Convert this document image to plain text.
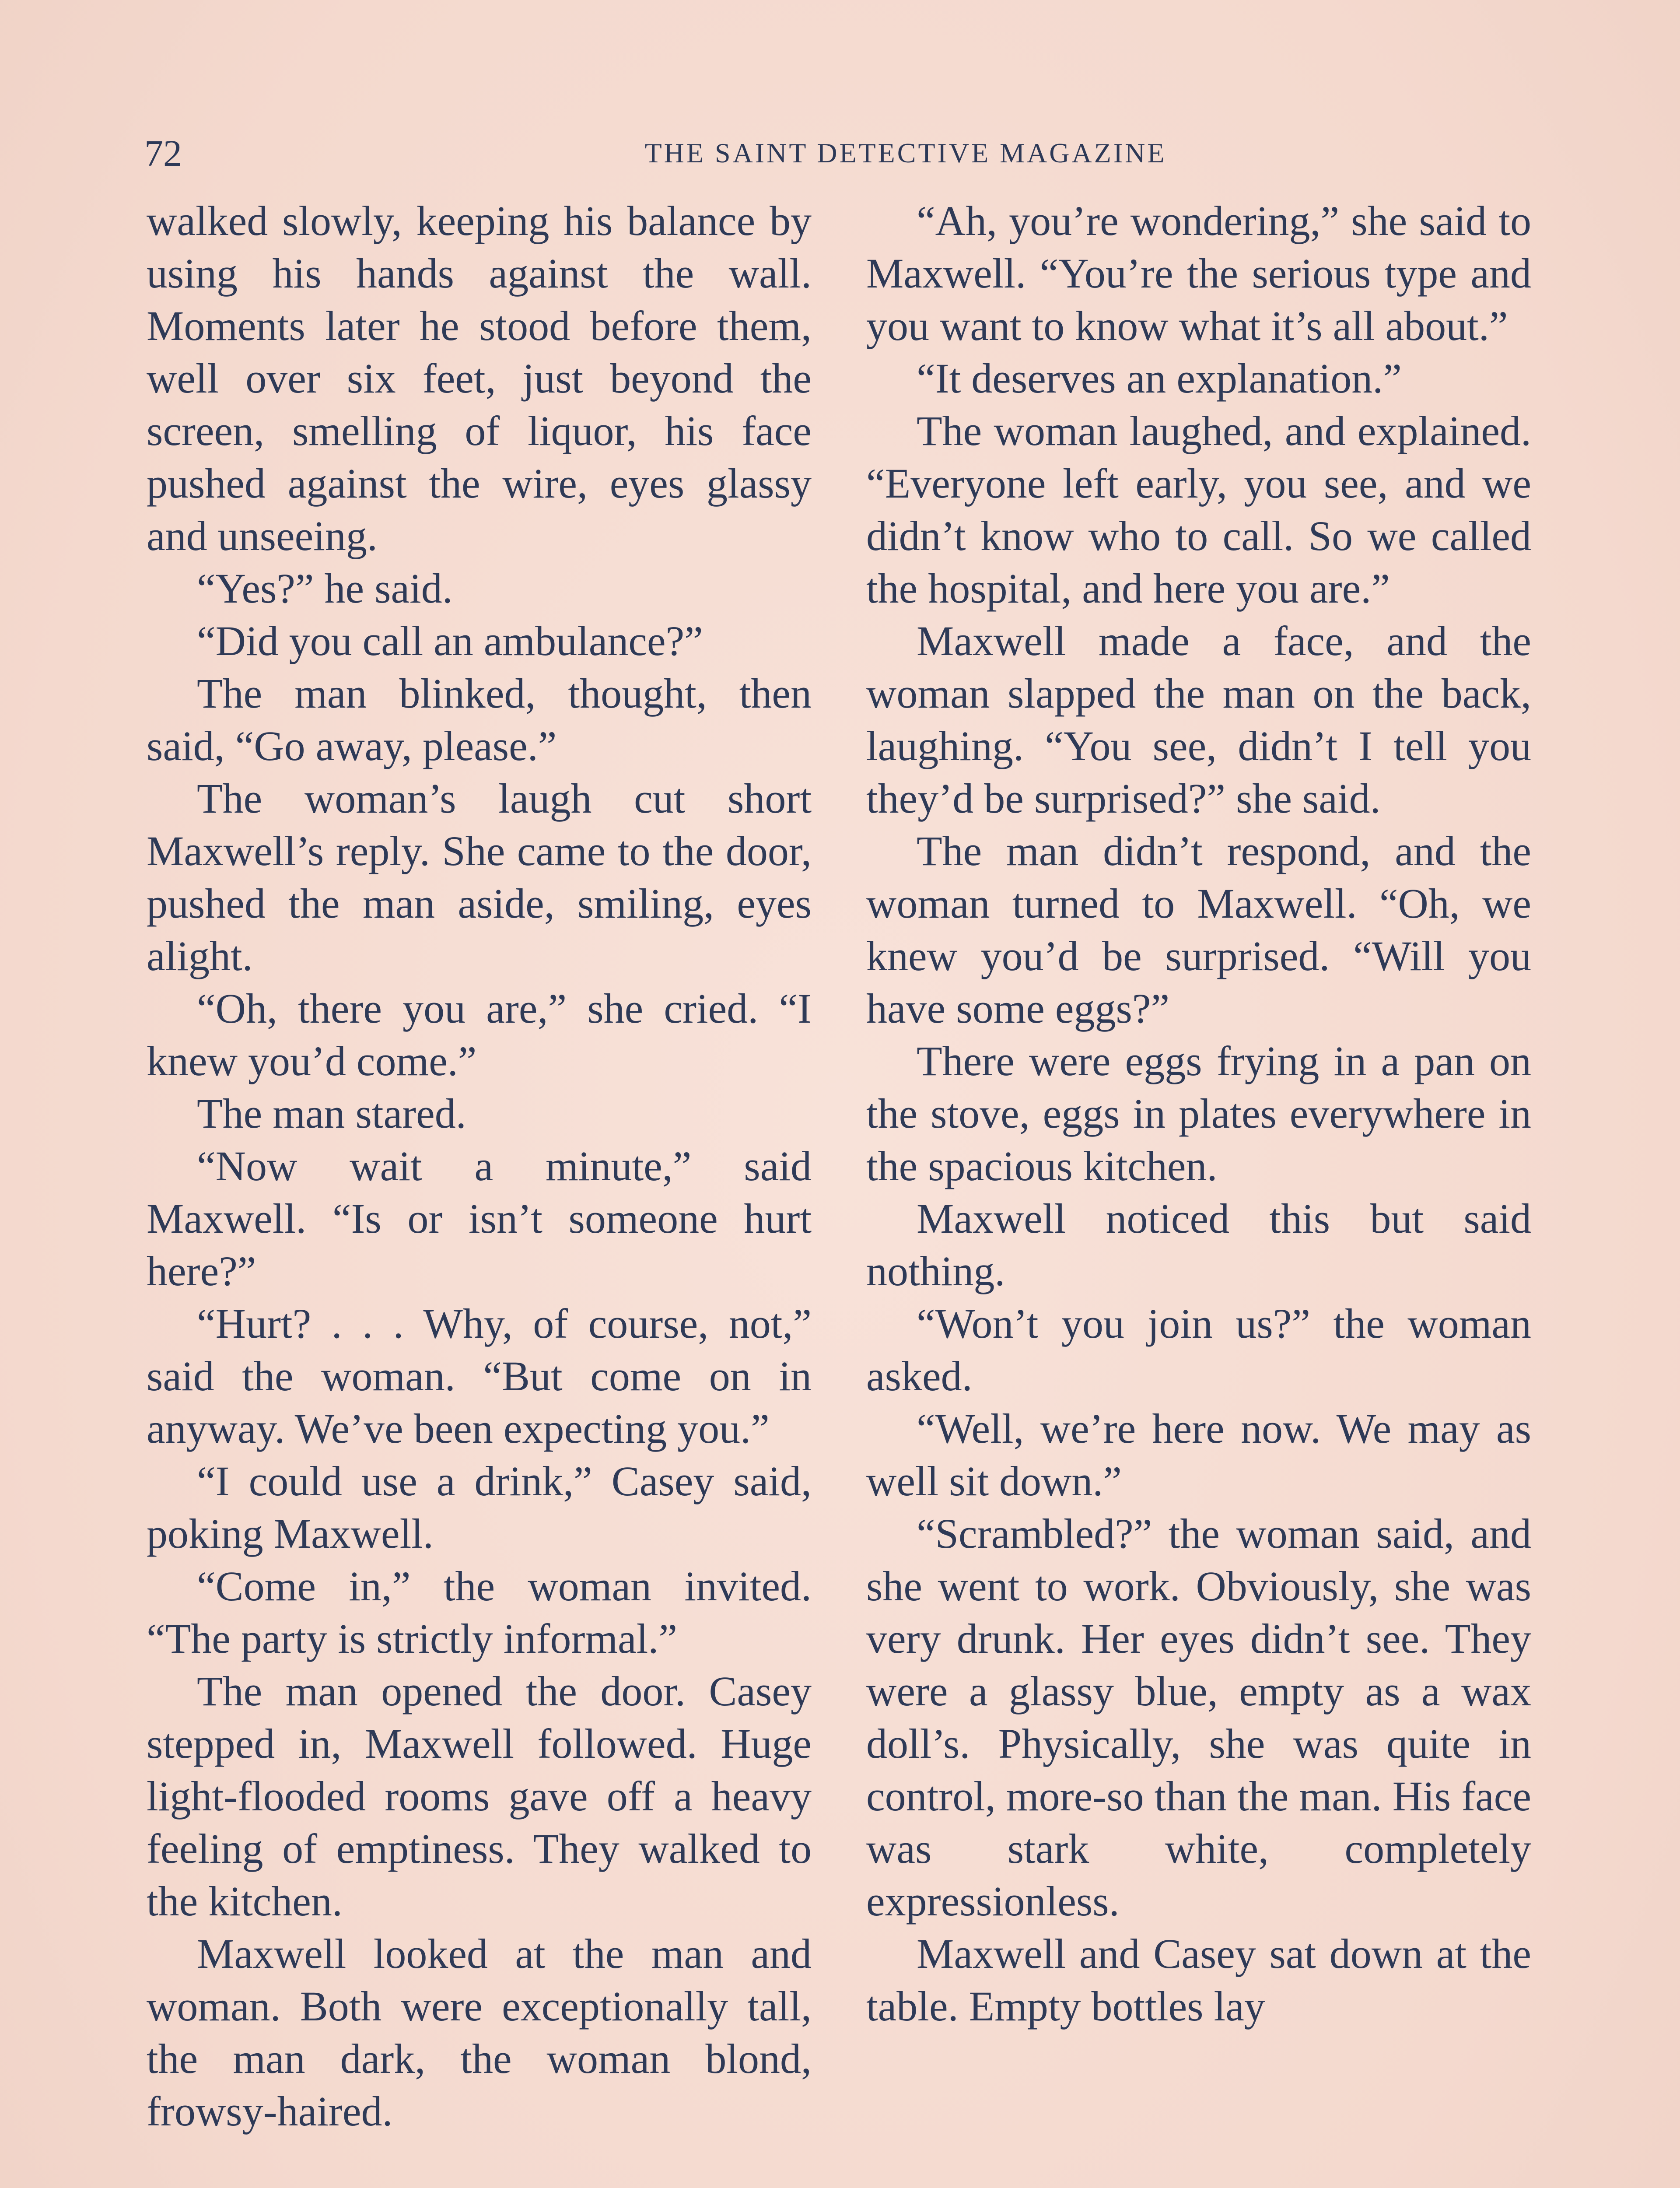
72	THE SAINT DETECTIVE MAGAZINE

walked slowly, keeping his balance by using his hands against the wall. Moments later he stood before them, well over six feet, just beyond the screen, smelling of liquor, his face pushed against the wire, eyes glassy and unseeing.

“Yes?” he said.

“Did you call an ambulance?”

The man blinked, thought, then said, “Go away, please.”

The woman’s laugh cut short Maxwell’s reply. She came to the door, pushed the man aside, smiling, eyes alight.

“Oh, there you are,” she cried. “I knew you’d come.”

The man stared.

“Now wait a minute,” said Maxwell. “Is or isn’t someone hurt here?”

“Hurt? . . . Why, of course, not,” said the woman. “But come on in anyway. We’ve been expecting you.”

“I could use a drink,” Casey said, poking Maxwell.

“Come in,” the woman invited. “The party is strictly informal.”

The man opened the door. Casey stepped in, Maxwell followed. Huge light-flooded rooms gave off a heavy feeling of emptiness. They walked to the kitchen.

Maxwell looked at the man and woman. Both were exceptionally tall, the man dark, the woman blond, frowsy-haired.

“Ah, you’re wondering,” she said to Maxwell. “You’re the serious type and you want to know what it’s all about.”

“It deserves an explanation.”

The woman laughed, and explained. “Everyone left early, you see, and we didn’t know who to call. So we called the hospital, and here you are.”

Maxwell made a face, and the woman slapped the man on the back, laughing. “You see, didn’t I tell you they’d be surprised?” she said.

The man didn’t respond, and the woman turned to Maxwell. “Oh, we knew you’d be surprised. “Will you have some eggs?”

There were eggs frying in a pan on the stove, eggs in plates everywhere in the spacious kitchen.

Maxwell noticed this but said nothing.

“Won’t you join us?” the woman asked.

“Well, we’re here now. We may as well sit down.”

“Scrambled?” the woman said, and she went to work. Obviously, she was very drunk. Her eyes didn’t see. They were a glassy blue, empty as a wax doll’s. Physically, she was quite in control, more-so than the man. His face was stark white, completely expressionless.

Maxwell and Casey sat down at the table. Empty bottles lay
